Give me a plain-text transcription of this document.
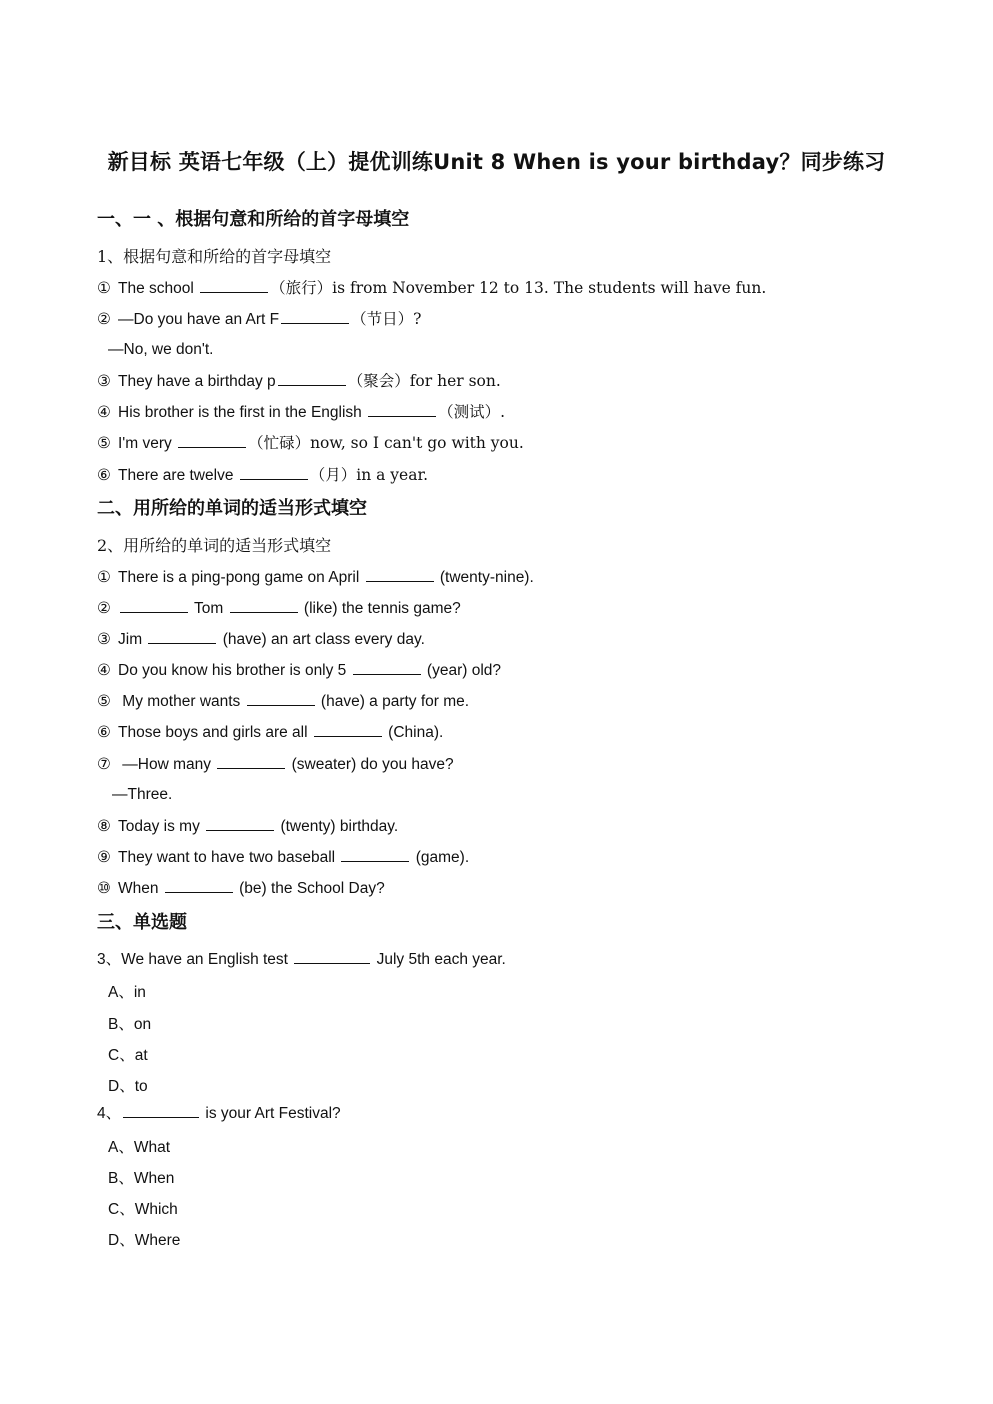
新目标 英语七年级（上）提优训练Unit 8 When is your birthday？同步练习
一、一 、根据句意和所给的首字母填空
1、根据句意和所给的首字母填空
① The school	（旅行）is from November 12 to 13. The students will have fun.
② —Do you have an Art F	（节日）?
—No, we don't.
③ They have a birthday p	（聚会）for her son.
④ His brother is the first in the English	（测试）.
⑤ I'm very	（忙碌）now, so I can't go with you.
⑥ There are twelve	（月）in a year.
二、用所给的单词的适当形式填空
2、用所给的单词的适当形式填空
① There is a ping-pong game on April	(twenty-nine).
②	Tom	(like) the tennis game?
③ Jim	(have) an art class every day.
④ Do you know his brother is only 5	(year) old?
⑤ My mother wants	(have) a party for me.
⑥ Those boys and girls are all	(China).
⑦ —How many	(sweater) do you have?
—Three.
⑧ Today is my	(twenty) birthday.
⑨ They want to have two baseball	(game).
⑩ When	(be) the School Day?
三、单选题
3、We have an English test	July 5th each year.
A、in
B、on
C、at
D、to
4、	is your Art Festival?
A、What
B、When
C、Which
D、Where
